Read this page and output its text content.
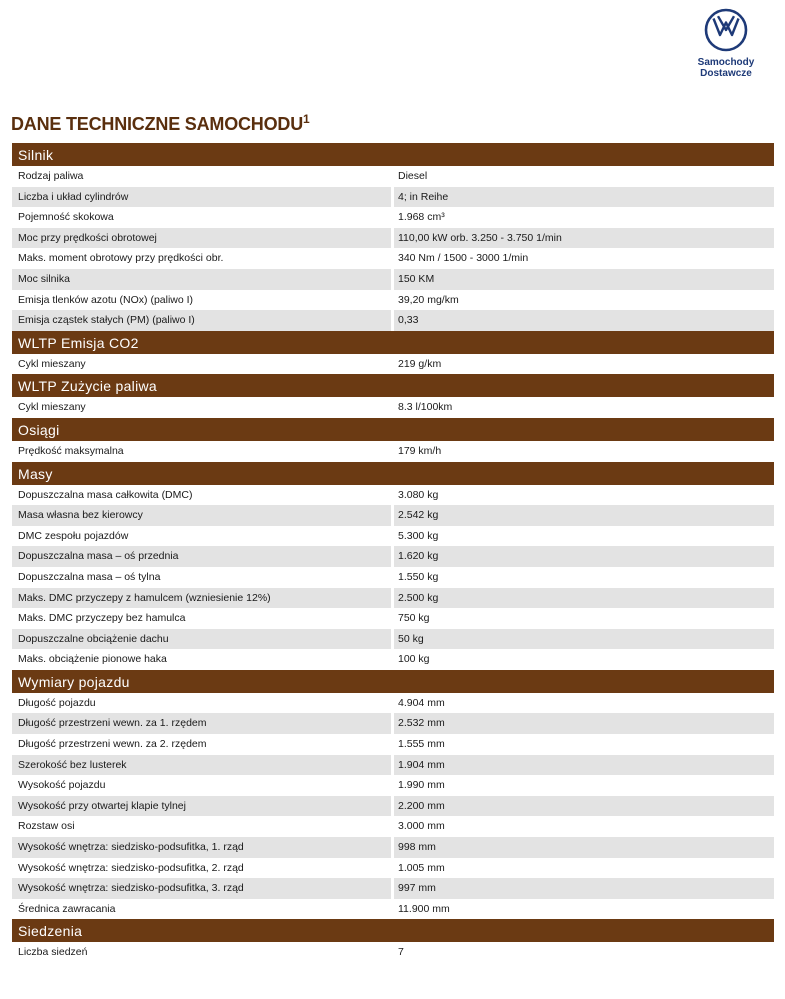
Samochody
Dostawcze
DANE TECHNICZNE SAMOCHODU$^1$
Silnik
Rodzaj paliwa	Diesel
Liczba i układ cylindrów	4; in Reihe
Pojemność skokowa	1.968 cm³
Moc przy prędkości obrotowej	110,00 kW orb. 3.250 - 3.750 1/min
Maks. moment obrotowy przy prędkości obr.	340 Nm / 1500 - 3000 1/min
Moc silnika	150 KM
Emisja tlenków azotu (NOx) (paliwo I)	39,20 mg/km
Emisja cząstek stałych (PM) (paliwo I)	0,33
WLTP Emisja CO2
Cykl mieszany	219 g/km
WLTP Zużycie paliwa
Cykl mieszany	8.3 l/100km
Osiągi
Prędkość maksymalna	179 km/h
Masy
Dopuszczalna masa całkowita (DMC)	3.080 kg
Masa własna bez kierowcy	2.542 kg
DMC zespołu pojazdów	5.300 kg
Dopuszczalna masa – oś przednia	1.620 kg
Dopuszczalna masa – oś tylna	1.550 kg
Maks. DMC przyczepy z hamulcem (wzniesienie 12%)	2.500 kg
Maks. DMC przyczepy bez hamulca	750 kg
Dopuszczalne obciążenie dachu	50 kg
Maks. obciążenie pionowe haka	100 kg
Wymiary pojazdu
Długość pojazdu	4.904 mm
Długość przestrzeni wewn. za 1. rzędem	2.532 mm
Długość przestrzeni wewn. za 2. rzędem	1.555 mm
Szerokość bez lusterek	1.904 mm
Wysokość pojazdu	1.990 mm
Wysokość przy otwartej klapie tylnej	2.200 mm
Rozstaw osi	3.000 mm
Wysokość wnętrza: siedzisko-podsufitka, 1. rząd	998 mm
Wysokość wnętrza: siedzisko-podsufitka, 2. rząd	1.005 mm
Wysokość wnętrza: siedzisko-podsufitka, 3. rząd	997 mm
Średnica zawracania	11.900 mm
Siedzenia
Liczba siedzeń	7
